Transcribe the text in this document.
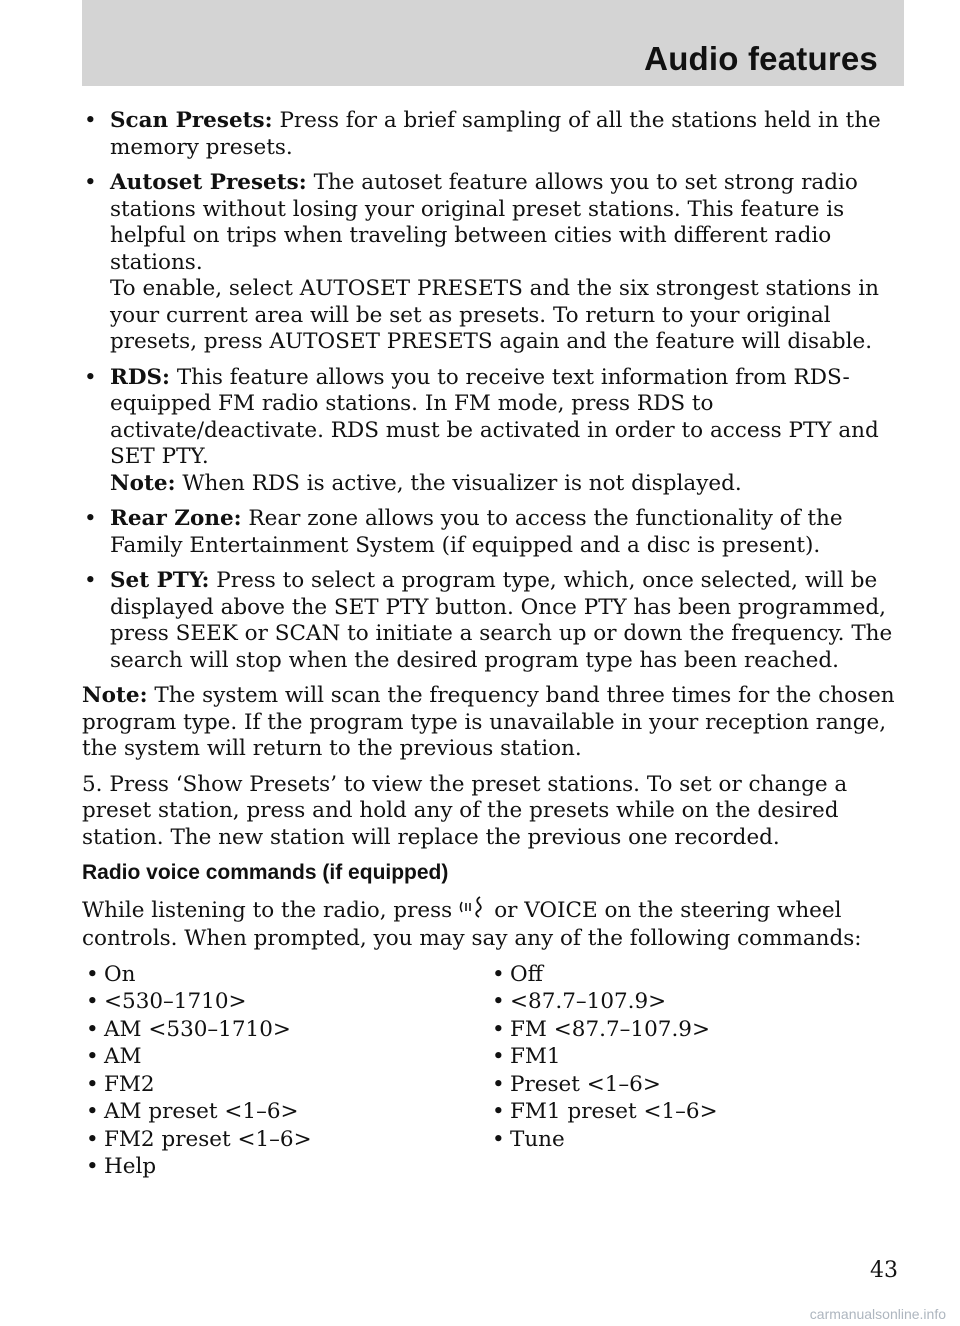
Audio features
• Scan Presets: Press for a brief sampling of all the stations held in the memory presets.
• Autoset Presets: The autoset feature allows you to set strong radio stations without losing your original preset stations. This feature is helpful on trips when traveling between cities with different radio stations.
To enable, select AUTOSET PRESETS and the six strongest stations in your current area will be set as presets. To return to your original presets, press AUTOSET PRESETS again and the feature will disable.
• RDS: This feature allows you to receive text information from RDS-equipped FM radio stations. In FM mode, press RDS to activate/deactivate. RDS must be activated in order to access PTY and SET PTY.
Note: When RDS is active, the visualizer is not displayed.
• Rear Zone: Rear zone allows you to access the functionality of the Family Entertainment System (if equipped and a disc is present).
• Set PTY: Press to select a program type, which, once selected, will be displayed above the SET PTY button. Once PTY has been programmed, press SEEK or SCAN to initiate a search up or down the frequency. The search will stop when the desired program type has been reached.
Note: The system will scan the frequency band three times for the chosen program type. If the program type is unavailable in your reception range, the system will return to the previous station.
5. Press ‘Show Presets’ to view the preset stations. To set or change a preset station, press and hold any of the presets while on the desired station. The new station will replace the previous one recorded.
Radio voice commands (if equipped)
While listening to the radio, press or VOICE on the steering wheel controls. When prompted, you may say any of the following commands:
• On
• <530–1710>
• AM <530–1710>
• AM
• FM2
• AM preset <1–6>
• FM2 preset <1–6>
• Help
• Off
• <87.7–107.9>
• FM <87.7–107.9>
• FM1
• Preset <1–6>
• FM1 preset <1–6>
• Tune
43
carmanualsonline.info
